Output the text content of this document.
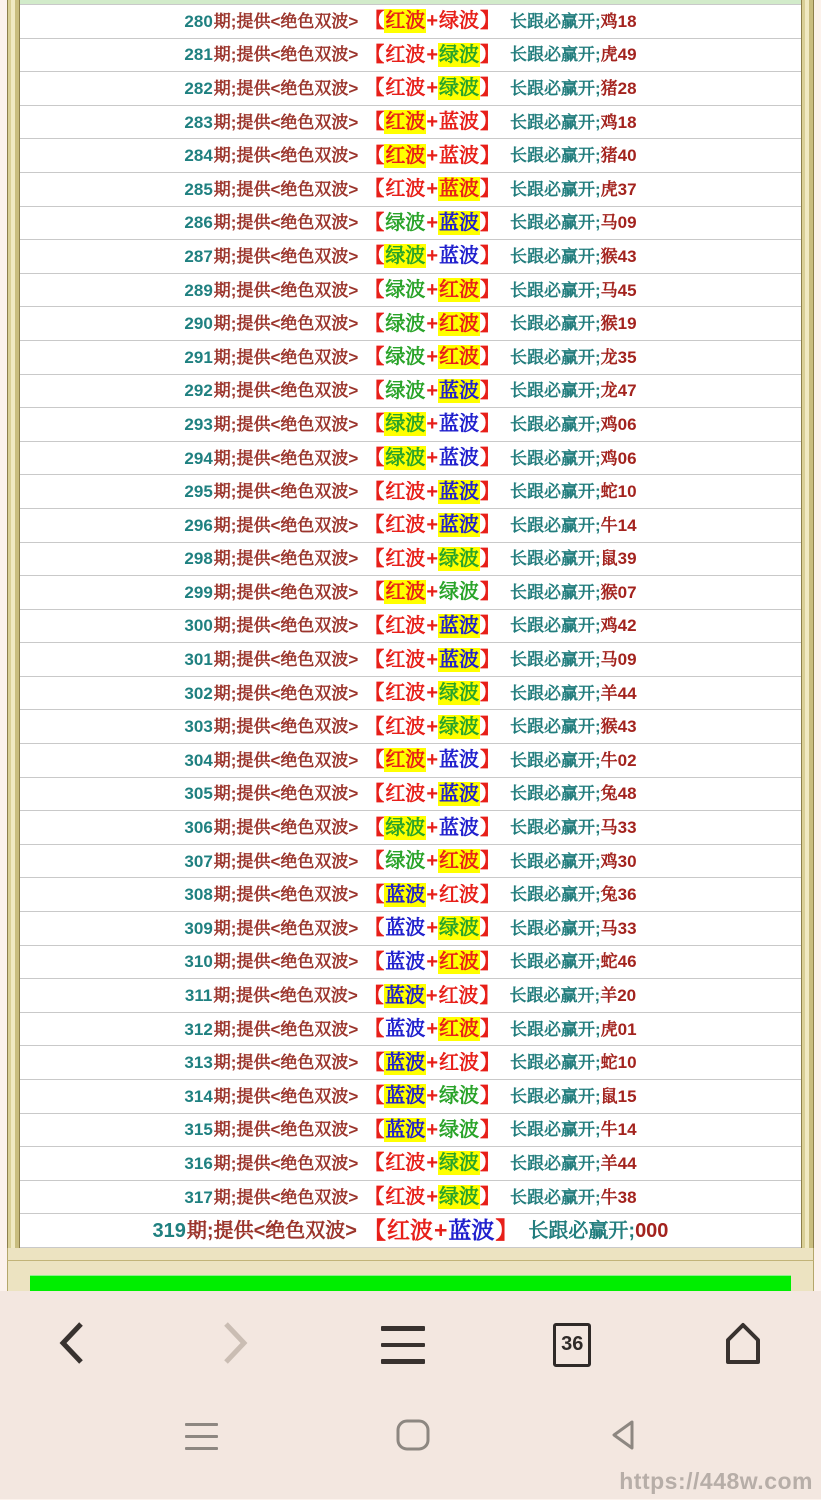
280期;提供<绝色双波> 【红波+绿波】 长跟必赢开;鸡18
281期;提供<绝色双波> 【红波+绿波】 长跟必赢开;虎49
282期;提供<绝色双波> 【红波+绿波】 长跟必赢开;猪28
283期;提供<绝色双波> 【红波+蓝波】 长跟必赢开;鸡18
284期;提供<绝色双波> 【红波+蓝波】 长跟必赢开;猪40
285期;提供<绝色双波> 【红波+蓝波】 长跟必赢开;虎37
286期;提供<绝色双波> 【绿波+蓝波】 长跟必赢开;马09
287期;提供<绝色双波> 【绿波+蓝波】 长跟必赢开;猴43
289期;提供<绝色双波> 【绿波+红波】 长跟必赢开;马45
290期;提供<绝色双波> 【绿波+红波】 长跟必赢开;猴19
291期;提供<绝色双波> 【绿波+红波】 长跟必赢开;龙35
292期;提供<绝色双波> 【绿波+蓝波】 长跟必赢开;龙47
293期;提供<绝色双波> 【绿波+蓝波】 长跟必赢开;鸡06
294期;提供<绝色双波> 【绿波+蓝波】 长跟必赢开;鸡06
295期;提供<绝色双波> 【红波+蓝波】 长跟必赢开;蛇10
296期;提供<绝色双波> 【红波+蓝波】 长跟必赢开;牛14
298期;提供<绝色双波> 【红波+绿波】 长跟必赢开;鼠39
299期;提供<绝色双波> 【红波+绿波】 长跟必赢开;猴07
300期;提供<绝色双波> 【红波+蓝波】 长跟必赢开;鸡42
301期;提供<绝色双波> 【红波+蓝波】 长跟必赢开;马09
302期;提供<绝色双波> 【红波+绿波】 长跟必赢开;羊44
303期;提供<绝色双波> 【红波+绿波】 长跟必赢开;猴43
304期;提供<绝色双波> 【红波+蓝波】 长跟必赢开;牛02
305期;提供<绝色双波> 【红波+蓝波】 长跟必赢开;兔48
306期;提供<绝色双波> 【绿波+蓝波】 长跟必赢开;马33
307期;提供<绝色双波> 【绿波+红波】 长跟必赢开;鸡30
308期;提供<绝色双波> 【蓝波+红波】 长跟必赢开;兔36
309期;提供<绝色双波> 【蓝波+绿波】 长跟必赢开;马33
310期;提供<绝色双波> 【蓝波+红波】 长跟必赢开;蛇46
311期;提供<绝色双波> 【蓝波+红波】 长跟必赢开;羊20
312期;提供<绝色双波> 【蓝波+红波】 长跟必赢开;虎01
313期;提供<绝色双波> 【蓝波+红波】 长跟必赢开;蛇10
314期;提供<绝色双波> 【蓝波+绿波】 长跟必赢开;鼠15
315期;提供<绝色双波> 【蓝波+绿波】 长跟必赢开;牛14
316期;提供<绝色双波> 【红波+绿波】 长跟必赢开;羊44
317期;提供<绝色双波> 【红波+绿波】 长跟必赢开;牛38
319期;提供<绝色双波> 【红波+蓝波】 长跟必赢开;000
36
https://448w.com
